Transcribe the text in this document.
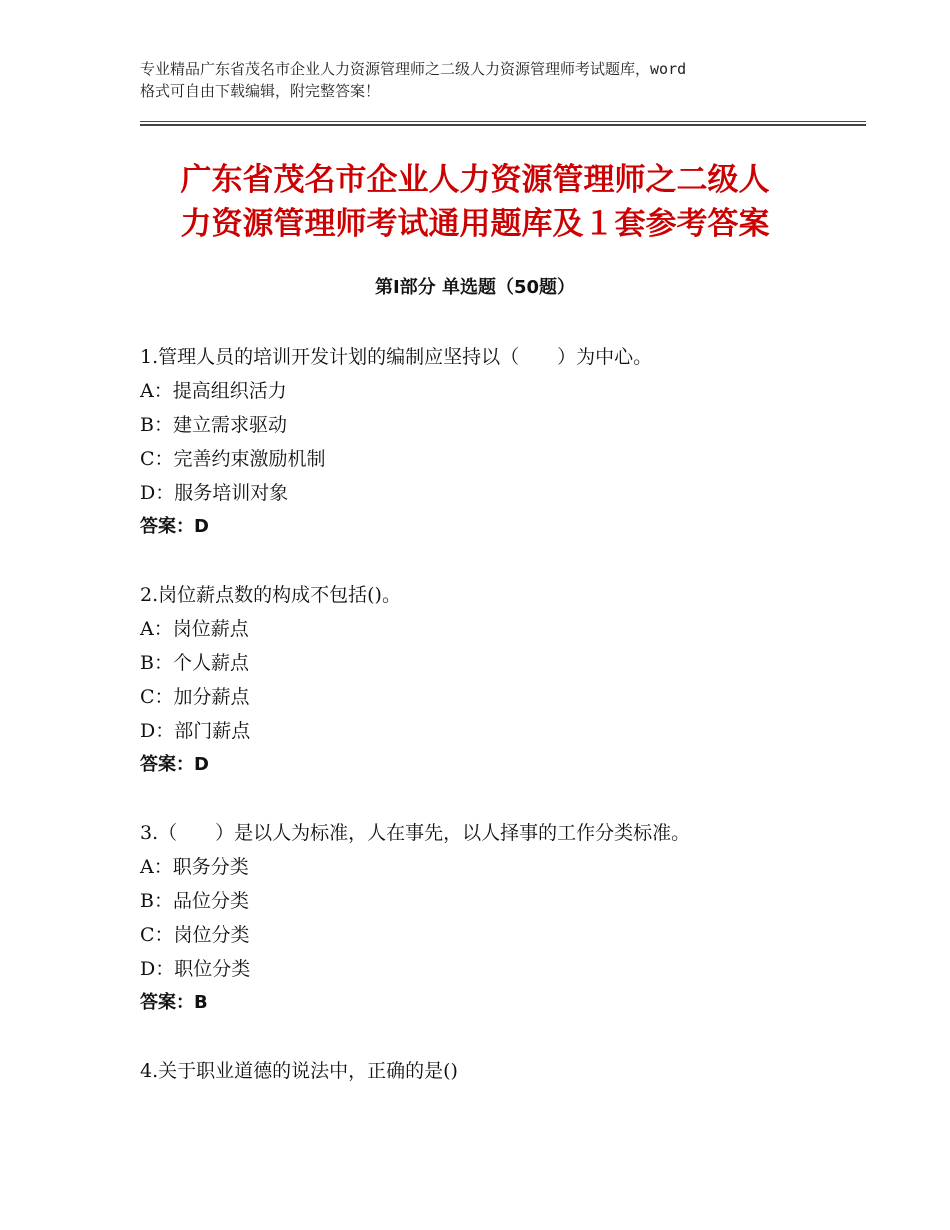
专业精品广东省茂名市企业人力资源管理师之二级人力资源管理师考试题库，word
格式可自由下载编辑，附完整答案！
广东省茂名市企业人力资源管理师之二级人
力资源管理师考试通用题库及１套参考答案
第Ⅰ部分 单选题（50题）
1.管理人员的培训开发计划的编制应坚持以（　　）为中心。
A：提高组织活力
B：建立需求驱动
C：完善约束激励机制
D：服务培训对象
答案：D
2.岗位薪点数的构成不包括()。
A：岗位薪点
B：个人薪点
C：加分薪点
D：部门薪点
答案：D
3.（　　）是以人为标准，人在事先，以人择事的工作分类标准。
A：职务分类
B：品位分类
C：岗位分类
D：职位分类
答案：B
4.关于职业道德的说法中，正确的是()
